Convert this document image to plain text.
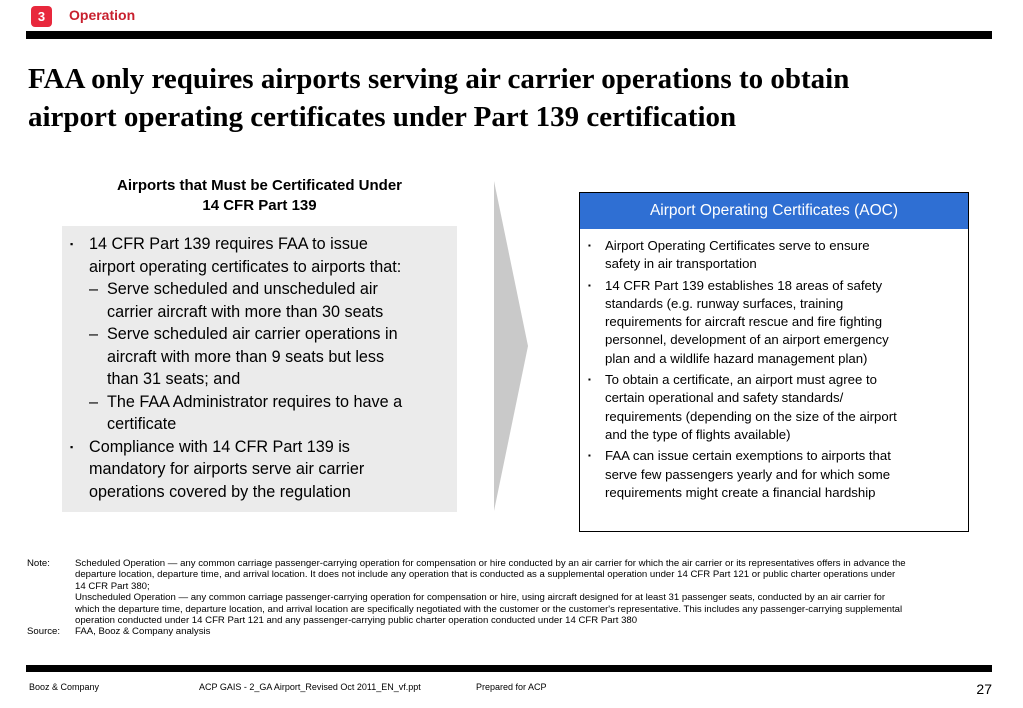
3	Operation
FAA only requires airports serving air carrier operations to obtain
airport operating certificates under Part 139 certification
Airports that Must be Certificated Under
14 CFR Part 139
▪ 14 CFR Part 139 requires FAA to issue
airport operating certificates to airports that:
– Serve scheduled and unscheduled air
carrier aircraft with more than 30 seats
– Serve scheduled air carrier operations in
aircraft with more than 9 seats but less
than 31 seats; and
– The FAA Administrator requires to have a
certificate
▪ Compliance with 14 CFR Part 139 is
mandatory for airports serve air carrier
operations covered by the regulation
Airport Operating Certificates (AOC)
▪ Airport Operating Certificates serve to ensure
safety in air transportation
▪ 14 CFR Part 139 establishes 18 areas of safety
standards (e.g. runway surfaces, training
requirements for aircraft rescue and fire fighting
personnel, development of an airport emergency
plan and a wildlife hazard management plan)
▪ To obtain a certificate, an airport must agree to
certain operational and safety standards/
requirements (depending on the size of the airport
and the type of flights available)
▪ FAA can issue certain exemptions to airports that
serve few passengers yearly and for which some
requirements might create a financial hardship
Note:	Scheduled Operation — any common carriage passenger-carrying operation for compensation or hire conducted by an air carrier for which the air carrier or its representatives offers in advance the
departure location, departure time, and arrival location. It does not include any operation that is conducted as a supplemental operation under 14 CFR Part 121 or public charter operations under
14 CFR Part 380;
Unscheduled Operation — any common carriage passenger-carrying operation for compensation or hire, using aircraft designed for at least 31 passenger seats, conducted by an air carrier for
which the departure time, departure location, and arrival location are specifically negotiated with the customer or the customer's representative. This includes any passenger-carrying supplemental
operation conducted under 14 CFR Part 121 and any passenger-carrying public charter operation conducted under 14 CFR Part 380
Source:	FAA, Booz & Company analysis
Booz & Company	ACP GAIS - 2_GA Airport_Revised Oct 2011_EN_vf.ppt	Prepared for ACP	27
